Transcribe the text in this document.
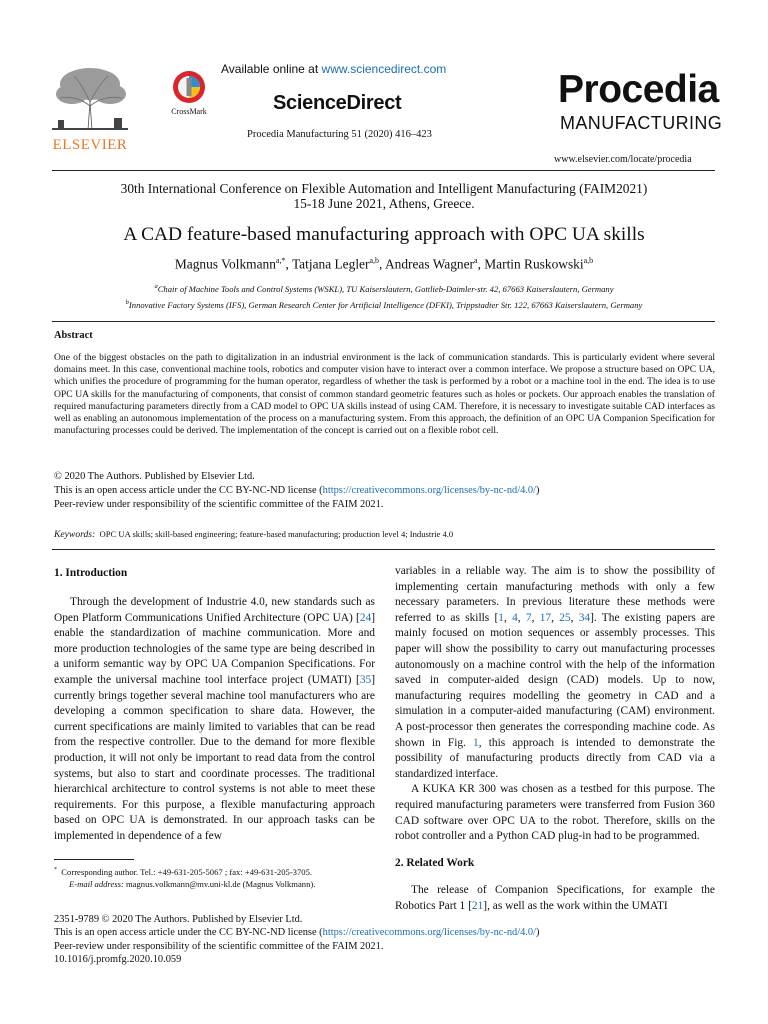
ELSEVIER
CrossMark
Available online at www.sciencedirect.com
ScienceDirect
Procedia Manufacturing 51 (2020) 416–423
Procedia
MANUFACTURING
www.elsevier.com/locate/procedia
30th International Conference on Flexible Automation and Intelligent Manufacturing (FAIM2021)
15-18 June 2021, Athens, Greece.
A CAD feature-based manufacturing approach with OPC UA skills
Magnus Volkmann$^{a,*}$, Tatjana Legler$^{a,b}$, Andreas Wagner$^a$, Martin Ruskowski$^{a,b}$
$^a$Chair of Machine Tools and Control Systems (WSKL), TU Kaiserslautern, Gottlieb-Daimler-str. 42, 67663 Kaiserslautern, Germany
$^b$Innovative Factory Systems (IFS), German Research Center for Artificial Intelligence (DFKI), Trippstadter Str. 122, 67663 Kaiserslautern, Germany
Abstract
One of the biggest obstacles on the path to digitalization in an industrial environment is the lack of communication standards. This is particularly evident where several domains meet. In this case, conventional machine tools, robotics and computer vision have to interact over a common interface. We propose a structure based on OPC UA, which unifies the procedure of programming for the human operator, regardless of whether the task is performed by a robot or a machine tool in the end. The idea is to use OPC UA skills for the manufacturing of components, that consist of common standard geometric features such as holes or pockets. Our approach enables the translation of required manufacturing parameters directly from a CAD model to OPC UA skills instead of using CAM. Therefore, it is necessary to investigate suitable CAD interfaces as well as enabling an autonomous implementation of the process on a manufacturing system. From this approach, the definition of an OPC UA Companion Specification for manufacturing processes could be derived. The implementation of the concept is carried out on a flexible robot cell.
© 2020 The Authors. Published by Elsevier Ltd.
This is an open access article under the CC BY-NC-ND license (https://creativecommons.org/licenses/by-nc-nd/4.0/)
Peer-review under responsibility of the scientific committee of the FAIM 2021.
Keywords: OPC UA skills; skill-based engineering; feature-based manufacturing; production level 4; Industrie 4.0
1. Introduction

Through the development of Industrie 4.0, new standards such as Open Platform Communications Unified Architecture (OPC UA) [24] enable the standardization of machine communication. More and more production technologies of the same type are being described in a uniform semantic way by OPC UA Companion Specifications. For example the universal machine tool interface project (UMATI) [35] currently brings together several machine tool manufacturers who are developing a common specification to share data. However, the current specifications are mainly limited to variables that can be read from the respective controller. Due to the demand for more flexible production, it will not only be important to read data from the control systems, but also to start and coordinate processes. The traditional hierarchical architecture to control systems is not able to meet these requirements. For this purpose, a flexible manufacturing approach based on OPC UA is demonstrated. In our approach tasks can be implemented in dependence of a few

* Corresponding author. Tel.: +49-631-205-5067 ; fax: +49-631-205-3705.
E-mail address: magnus.volkmann@mv.uni-kl.de (Magnus Volkmann).

variables in a reliable way. The aim is to show the possibility of implementing certain manufacturing methods with only a few necessary parameters. In previous literature these methods were referred to as skills [1, 4, 7, 17, 25, 34]. The existing papers are mainly focused on motion sequences or assembly processes. This paper will show the possibility to carry out manufacturing processes autonomously on a machine control with the help of the information saved in computer-aided design (CAD) models. Up to now, manufacturing requires modelling the geometry in CAD and a simulation in a computer-aided manufacturing (CAM) environment. A post-processor then generates the corresponding machine code. As shown in Fig. 1, this approach is intended to demonstrate the possibility of manufacturing products directly from CAD via a standardized interface.

A KUKA KR 300 was chosen as a testbed for this purpose. The required manufacturing parameters were transferred from Fusion 360 CAD software over OPC UA to the robot. Therefore, skills on the robot controller and a Python CAD plug-in had to be programmed.

2. Related Work

The release of Companion Specifications, for example the Robotics Part 1 [21], as well as the work within the UMATI

2351-9789 © 2020 The Authors. Published by Elsevier Ltd.
This is an open access article under the CC BY-NC-ND license (https://creativecommons.org/licenses/by-nc-nd/4.0/)
Peer-review under responsibility of the scientific committee of the FAIM 2021.
10.1016/j.promfg.2020.10.059
